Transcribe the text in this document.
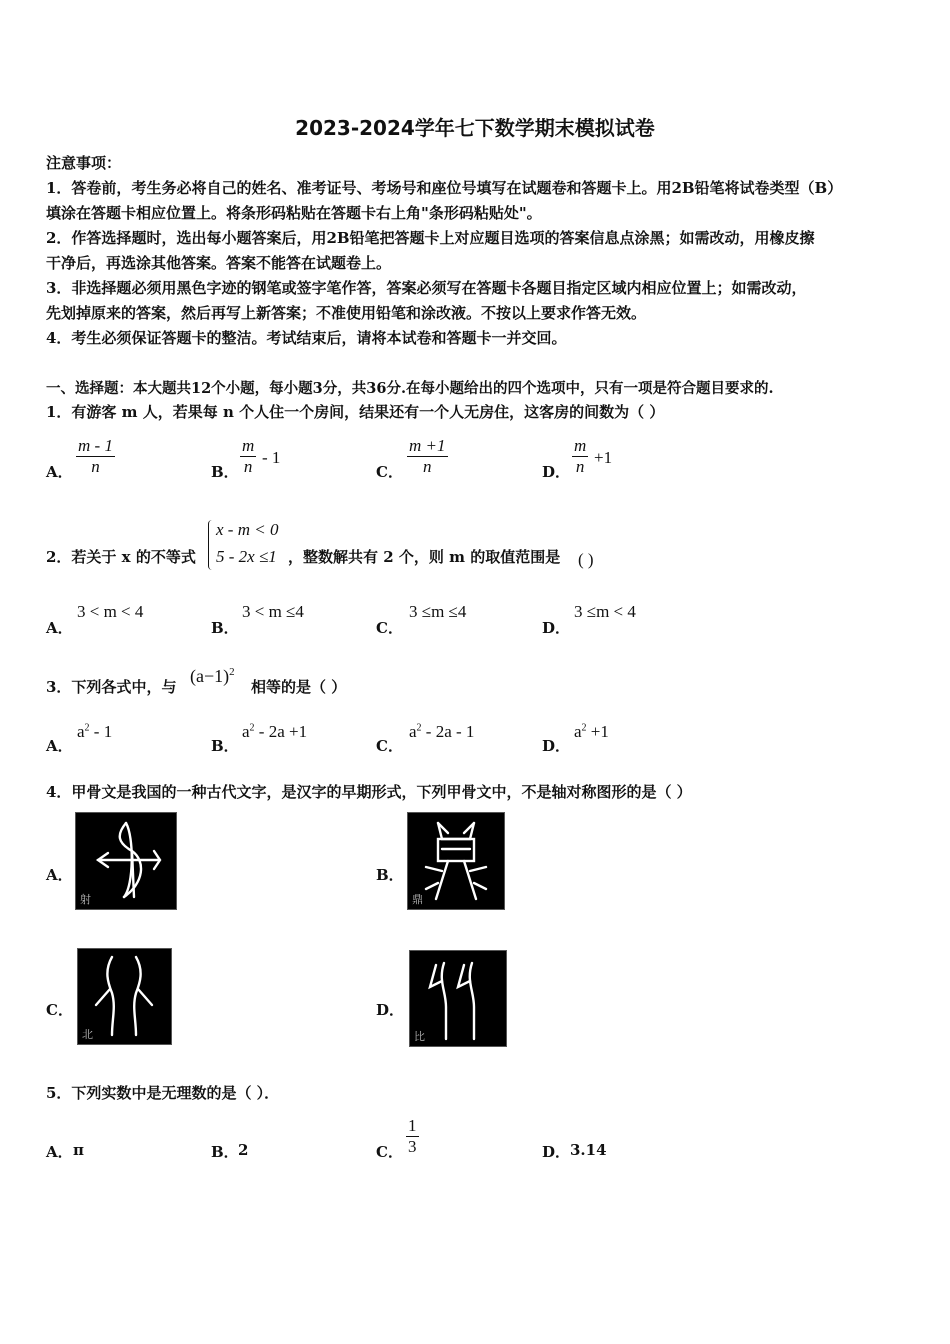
2023-2024学年七下数学期末模拟试卷
注意事项：
1．答卷前，考生务必将自己的姓名、准考证号、考场号和座位号填写在试题卷和答题卡上。用2B铅笔将试卷类型（B）
填涂在答题卡相应位置上。将条形码粘贴在答题卡右上角"条形码粘贴处"。
2．作答选择题时，选出每小题答案后，用2B铅笔把答题卡上对应题目选项的答案信息点涂黑；如需改动，用橡皮擦
干净后，再选涂其他答案。答案不能答在试题卷上。
3．非选择题必须用黑色字迹的钢笔或签字笔作答，答案必须写在答题卡各题目指定区域内相应位置上；如需改动，
先划掉原来的答案，然后再写上新答案；不准使用铅笔和涂改液。不按以上要求作答无效。
4．考生必须保证答题卡的整洁。考试结束后，请将本试卷和答题卡一并交回。
一、选择题：本大题共12个小题，每小题3分，共36分.在每小题给出的四个选项中，只有一项是符合题目要求的.
1．有游客 m 人，若果每 n 个人住一个房间，结果还有一个人无房住，这客房的间数为（ ）
A． $\frac{m - 1}{n}$	B． $\frac{m}{n} - 1$
C． $\frac{m +1}{n}$	D． $\frac{m}{n} +1$
2．若关于 x 的不等式
x - m < 0
5 - 2x ≤1 ，整数解共有 2 个，则 m 的取值范围是 ( )
A．
3 < m < 4
B．
3 < m ≤4
C．
3 ≤m ≤4
D．
3 ≤m < 4
3．下列各式中，与
$(a-1)^2$
相等的是（ ）
A．
$a^2 - 1$
B．
$a^2 - 2a +1$
C．
$a^2 - 2a - 1$
D．
$a^2 +1$
4．甲骨文是我国的一种古代文字，是汉字的早期形式，下列甲骨文中，不是轴对称图形的是（ ）
A．
射
B．
鼎
C．
北
D．
比
5．下列实数中是无理数的是（ ）．
A． π	B． 2	C． $\frac{1}{3}$	D． 3.14
